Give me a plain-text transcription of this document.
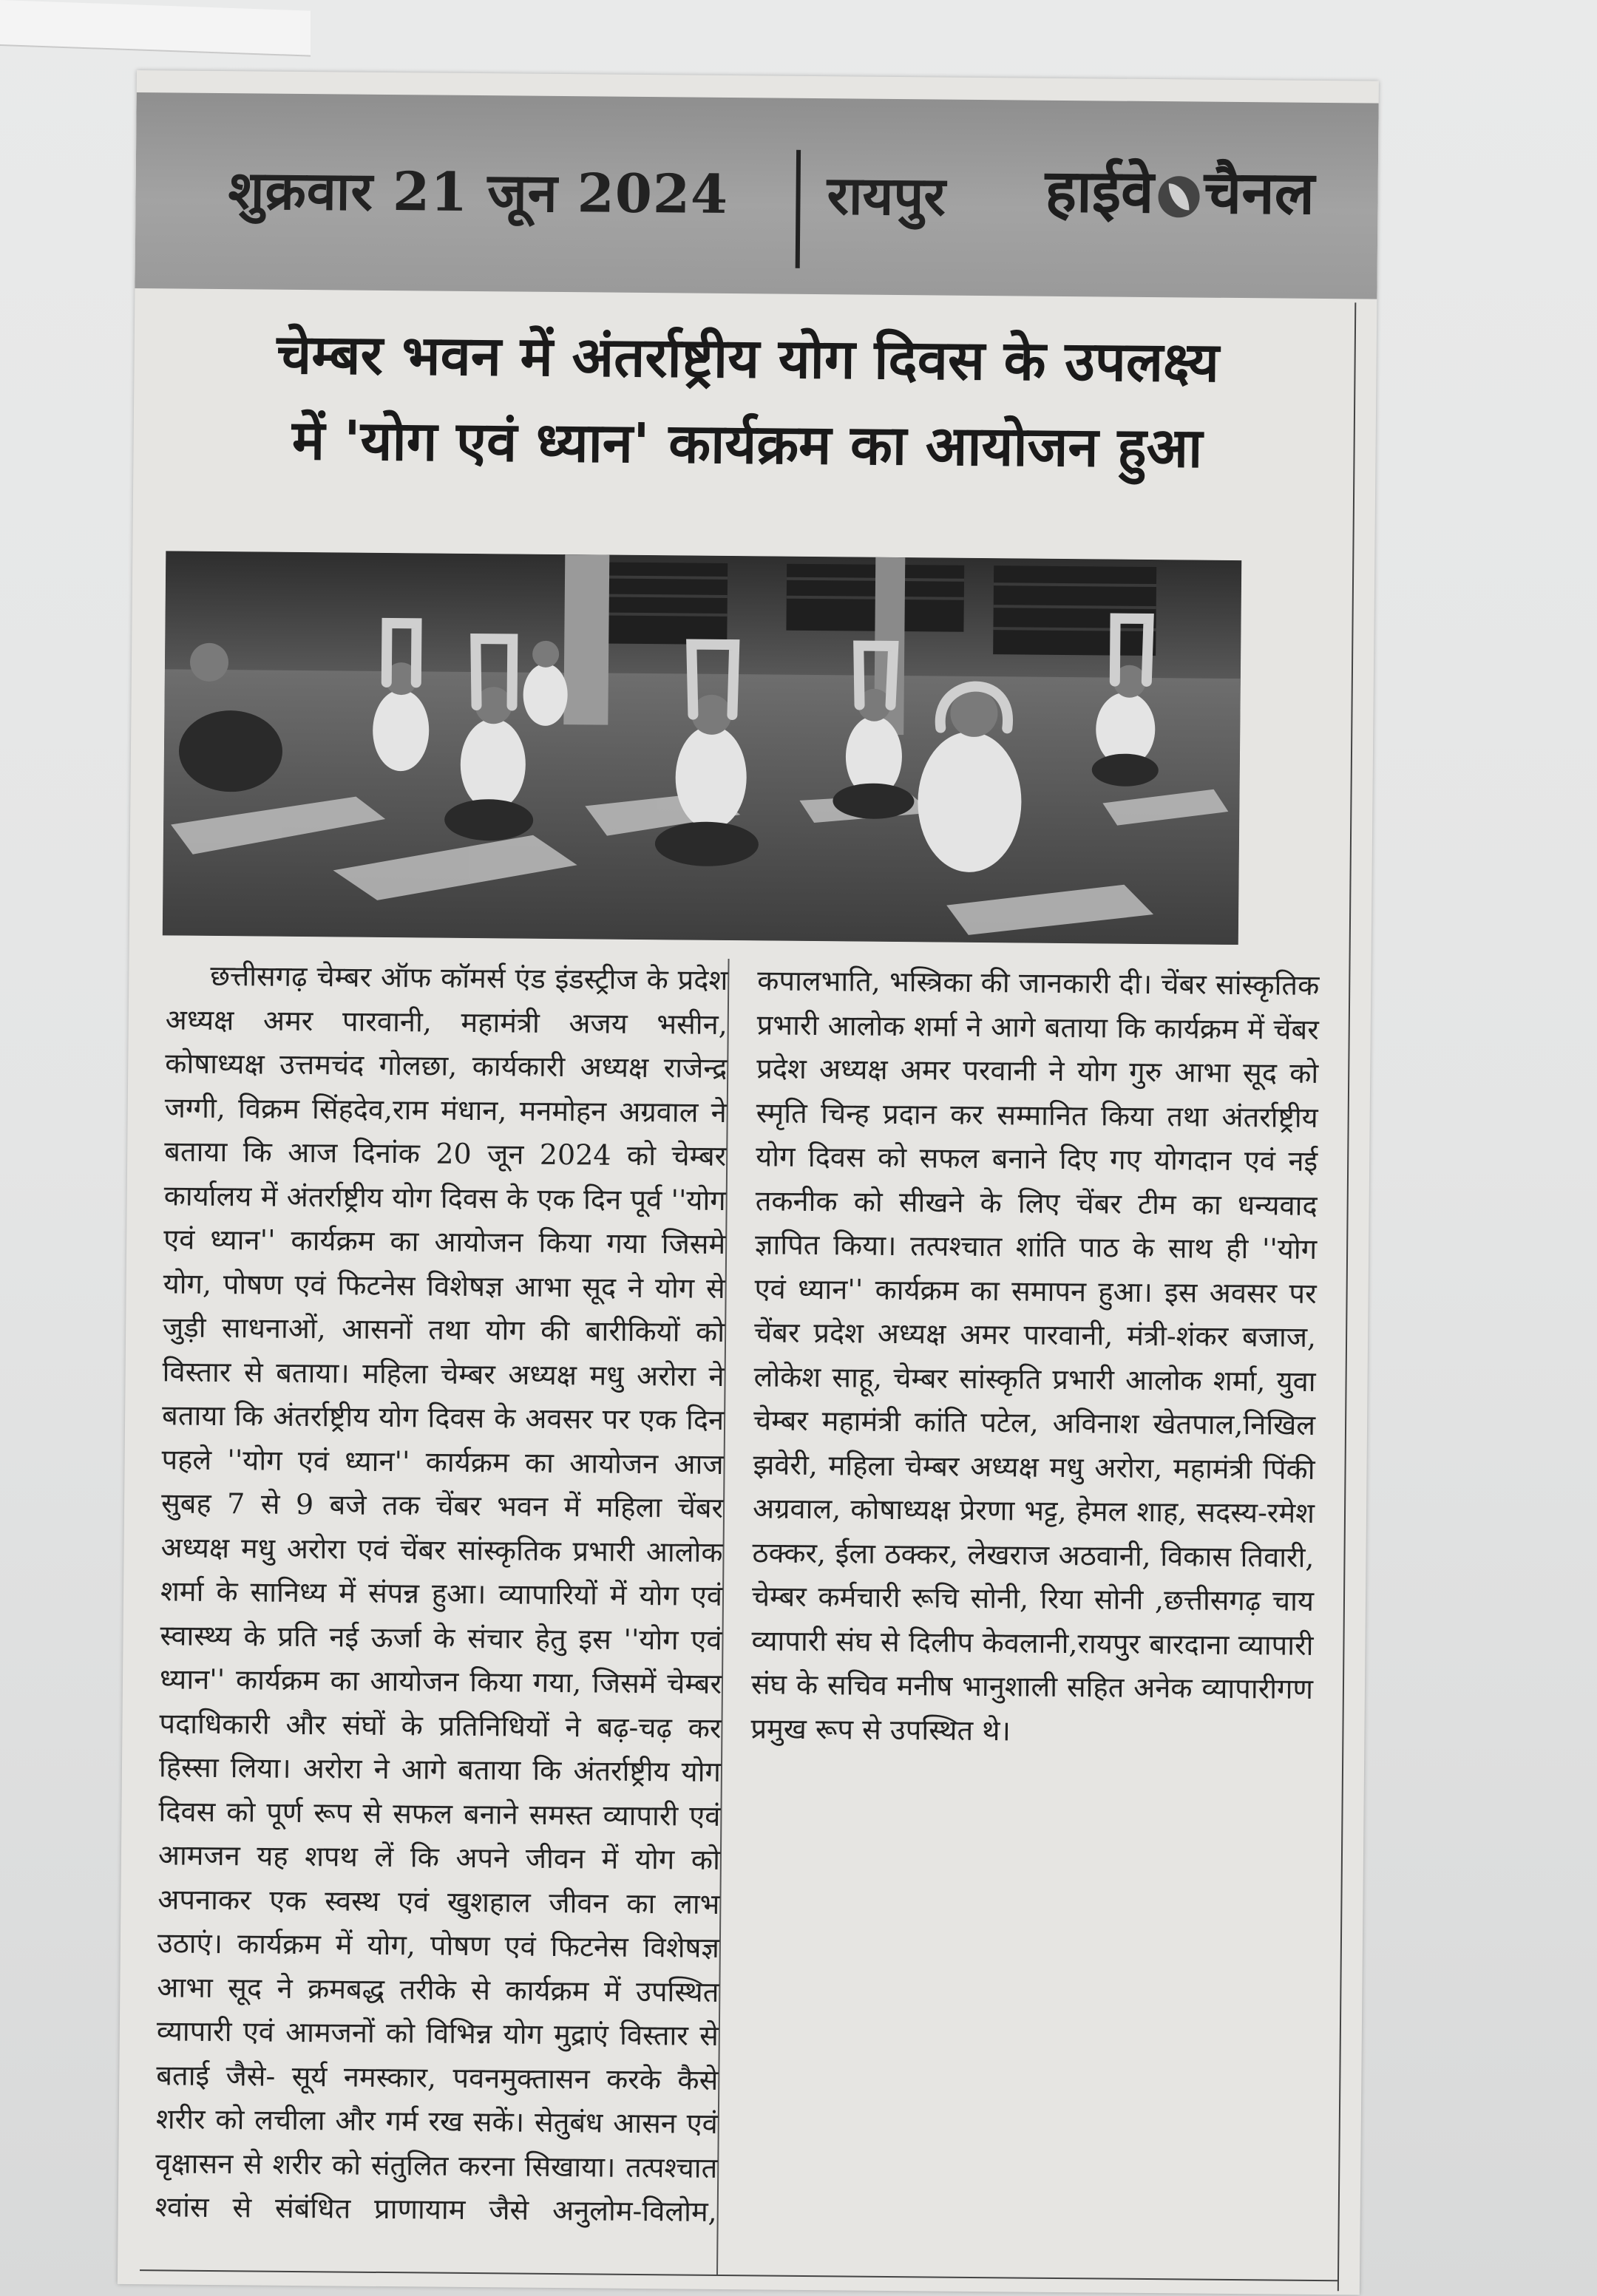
शुक्रवार 21 जून 2024 रायपुर हाईवे चैनल
चेम्बर भवन में अंतर्राष्ट्रीय योग दिवस के उपलक्ष्य
में 'योग एवं ध्यान' कार्यक्रम का आयोजन हुआ

छत्तीसगढ़ चेम्बर ऑफ कॉमर्स एंड इंडस्ट्रीज के प्रदेश अध्यक्ष अमर पारवानी, महामंत्री अजय भसीन, कोषाध्यक्ष उत्तमचंद गोलछा, कार्यकारी अध्यक्ष राजेन्द्र जग्गी, विक्रम सिंहदेव,राम मंधान, मनमोहन अग्रवाल ने बताया कि आज दिनांक 20 जून 2024 को चेम्बर कार्यालय में अंतर्राष्ट्रीय योग दिवस के एक दिन पूर्व ''योग एवं ध्यान'' कार्यक्रम का आयोजन किया गया जिसमे योग, पोषण एवं फिटनेस विशेषज्ञ आभा सूद ने योग से जुड़ी साधनाओं, आसनों तथा योग की बारीकियों को विस्तार से बताया। महिला चेम्बर अध्यक्ष मधु अरोरा ने बताया कि अंतर्राष्ट्रीय योग दिवस के अवसर पर एक दिन पहले ''योग एवं ध्यान'' कार्यक्रम का आयोजन आज सुबह 7 से 9 बजे तक चेंबर भवन में महिला चेंबर अध्यक्ष मधु अरोरा एवं चेंबर सांस्कृतिक प्रभारी आलोक शर्मा के सानिध्य में संपन्न हुआ। व्यापारियों में योग एवं स्वास्थ्य के प्रति नई ऊर्जा के संचार हेतु इस ''योग एवं ध्यान'' कार्यक्रम का आयोजन किया गया, जिसमें चेम्बर पदाधिकारी और संघों के प्रतिनिधियों ने बढ़-चढ़ कर हिस्सा लिया। अरोरा ने आगे बताया कि अंतर्राष्ट्रीय योग दिवस को पूर्ण रूप से सफल बनाने समस्त व्यापारी एवं आमजन यह शपथ लें कि अपने जीवन में योग को अपनाकर एक स्वस्थ एवं खुशहाल जीवन का लाभ उठाएं। कार्यक्रम में योग, पोषण एवं फिटनेस विशेषज्ञ आभा सूद ने क्रमबद्ध तरीके से कार्यक्रम में उपस्थित व्यापारी एवं आमजनों को विभिन्न योग मुद्राएं विस्तार से बताई जैसे- सूर्य नमस्कार, पवनमुक्तासन करके कैसे शरीर को लचीला और गर्म रख सकें। सेतुबंध आसन एवं वृक्षासन से शरीर को संतुलित करना सिखाया। तत्पश्चात श्वांस से संबंधित प्राणायाम जैसे अनुलोम-विलोम, कपालभाति, भस्त्रिका की जानकारी दी। चेंबर सांस्कृतिक प्रभारी आलोक शर्मा ने आगे बताया कि कार्यक्रम में चेंबर प्रदेश अध्यक्ष अमर परवानी ने योग गुरु आभा सूद को स्मृति चिन्ह प्रदान कर सम्मानित किया तथा अंतर्राष्ट्रीय योग दिवस को सफल बनाने दिए गए योगदान एवं नई तकनीक को सीखने के लिए चेंबर टीम का धन्यवाद ज्ञापित किया। तत्पश्चात शांति पाठ के साथ ही ''योग एवं ध्यान'' कार्यक्रम का समापन हुआ। इस अवसर पर चेंबर प्रदेश अध्यक्ष अमर पारवानी, मंत्री-शंकर बजाज, लोकेश साहू, चेम्बर सांस्कृति प्रभारी आलोक शर्मा, युवा चेम्बर महामंत्री कांति पटेल, अविनाश खेतपाल,निखिल झवेरी, महिला चेम्बर अध्यक्ष मधु अरोरा, महामंत्री पिंकी अग्रवाल, कोषाध्यक्ष प्रेरणा भट्ट, हेमल शाह, सदस्य-रमेश ठक्कर, ईला ठक्कर, लेखराज अठवानी, विकास तिवारी, चेम्बर कर्मचारी रूचि सोनी, रिया सोनी ,छत्तीसगढ़ चाय व्यापारी संघ से दिलीप केवलानी,रायपुर बारदाना व्यापारी संघ के सचिव मनीष भानुशाली सहित अनेक व्यापारीगण प्रमुख रूप से उपस्थित थे।
